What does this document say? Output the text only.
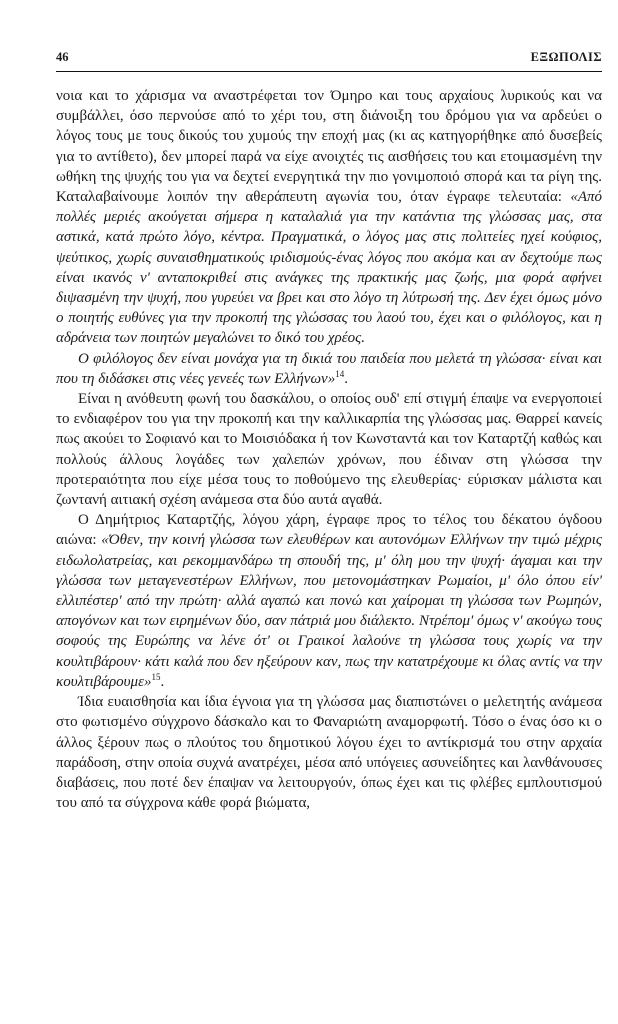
46	ΕΞΩΠΟΛΙΣ

νοια και το χάρισμα να αναστρέφεται τον Όμηρο και τους αρχαίους λυρικούς και να συμβάλλει, όσο περνούσε από το χέρι του, στη διάνοιξη του δρόμου για να αρδεύει ο λόγος τους με τους δικούς του χυμούς την εποχή μας (κι ας κατηγορήθηκε από δυσεβείς για το αντίθετο), δεν μπορεί παρά να είχε ανοιχτές τις αισθήσεις του και ετοιμασμένη την ωθήκη της ψυχής του για να δεχτεί ενεργητικά την πιο γονιμοποιό σπορά και τα ρίγη της. Καταλαβαίνουμε λοιπόν την αθεράπευτη αγωνία του, όταν έγραφε τελευταία: «Από πολλές μεριές ακούγεται σήμερα η καταλαλιά για την κατάντια της γλώσσας μας, στα αστικά, κατά πρώτο λόγο, κέντρα. Πραγματικά, ο λόγος μας στις πολιτείες ηχεί κούφιος, ψεύτικος, χωρίς συναισθηματικούς ιριδισμούς-ένας λόγος που ακόμα και αν δεχτούμε πως είναι ικανός ν' ανταποκριθεί στις ανάγκες της πρακτικής μας ζωής, μια φορά αφήνει διψασμένη την ψυχή, που γυρεύει να βρει και στο λόγο τη λύτρωσή της. Δεν έχει όμως μόνο ο ποιητής ευθύνες για την προκοπή της γλώσσας του λαού του, έχει και ο φιλόλογος, και η αδράνεια των ποιητών μεγαλώνει το δικό του χρέος.

Ο φιλόλογος δεν είναι μονάχα για τη δικιά του παιδεία που μελετά τη γλώσσα· είναι και που τη διδάσκει στις νέες γενεές των Ελλήνων»$^{14}$.

Είναι η ανόθευτη φωνή του δασκάλου, ο οποίος ουδ' επί στιγμή έπαψε να ενεργοποιεί το ενδιαφέρον του για την προκοπή και την καλλικαρπία της γλώσσας μας. Θαρρεί κανείς πως ακούει το Σοφιανό και το Μοισιόδακα ή τον Κωνσταντά και τον Καταρτζή καθώς και πολλούς άλλους λογάδες των χαλεπών χρόνων, που έδιναν στη γλώσσα την προτεραιότητα που είχε μέσα τους το ποθούμενο της ελευθερίας· εύρισκαν μάλιστα και ζωντανή αιτιακή σχέση ανάμεσα στα δύο αυτά αγαθά.

Ο Δημήτριος Καταρτζής, λόγου χάρη, έγραφε προς το τέλος του δέκατου όγδοου αιώνα: «Όθεν, την κοινή γλώσσα των ελευθέρων και αυτονόμων Ελλήνων την τιμώ μέχρις ειδωλολατρείας, και ρεκομμανδάρω τη σπουδή της, μ' όλη μου την ψυχή· άγαμαι και την γλώσσα των μεταγενεστέρων Ελλήνων, που μετονομάστηκαν Ρωμαίοι, μ' όλο όπου είν' ελλιπέστερ' από την πρώτη· αλλά αγαπώ και πονώ και χαίρομαι τη γλώσσα των Ρωμηών, απογόνων και των ειρημένων δύο, σαν πάτριά μου διάλεκτο. Ντρέπομ' όμως ν' ακούγω τους σοφούς της Ευρώπης να λένε ότ' οι Γραικοί λαλούνε τη γλώσσα τους χωρίς να την κουλτιβάρουν· κάτι καλά που δεν ηξεύρουν καν, πως την κατατρέχουμε κι όλας αντίς να την κουλτιβάρουμε»$^{15}$.

Ίδια ευαισθησία και ίδια έγνοια για τη γλώσσα μας διαπιστώνει ο μελετητής ανάμεσα στο φωτισμένο σύγχρονο δάσκαλο και το Φαναριώτη αναμορφωτή. Τόσο ο ένας όσο κι ο άλλος ξέρουν πως ο πλούτος του δημοτικού λόγου έχει το αντίκρισμά του στην αρχαία παράδοση, στην οποία συχνά ανατρέχει, μέσα από υπόγειες ασυνείδητες και λανθάνουσες διαβάσεις, που ποτέ δεν έπαψαν να λειτουργούν, όπως έχει και τις φλέβες εμπλουτισμού του από τα σύγχρονα κάθε φορά βιώματα,
